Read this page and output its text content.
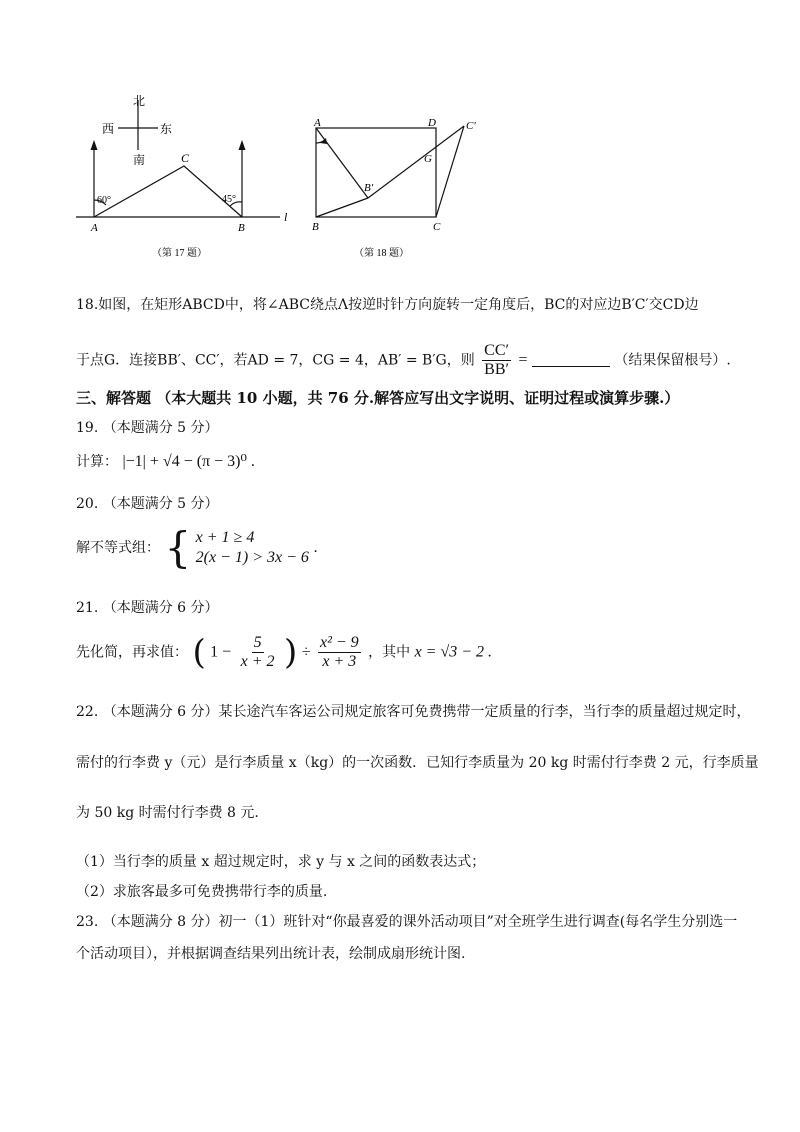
北
西	东
南	C
A	B
l
60°	45°
（第 17 题）
A	D	C′
G
B′
B	C
（第 18 题）
18.如图，在矩形ABCD中，将∠ABC绕点Λ按逆时针方向旋转一定角度后，BC的对应边B′C′交CD边
于点G．连接BB′、CC′，若AD = 7，CG = 4，AB′ = B′G，则 $\frac{CC'}{BB'}$ =	（结果保留根号）.
三、解答题 （本大题共 10 小题，共 76 分.解答应写出文字说明、证明过程或演算步骤.）
19. （本题满分 5 分）
计算： |−1| + √4 − (π − 3)⁰ .
20. （本题满分 5 分）
解不等式组： { x + 1 ≥ 4
2(x − 1) > 3x − 6
.
21. （本题满分 6 分）
先化简，再求值： ( $1 - \frac{5}{x + 2}$ ) ÷ $\frac{\text{x² − 9}}{x + 3}$ ，其中 x = √3 − 2 .
22. （本题满分 6 分）某长途汽车客运公司规定旅客可免费携带一定质量的行李，当行李的质量超过规定时，
需付的行李费 y（元）是行李质量 x（kg）的一次函数．已知行李质量为 20 kg 时需付行李费 2 元，行李质量
为 50 kg 时需付行李费 8 元.
（1）当行李的质量 x 超过规定时，求 y 与 x 之间的函数表达式；
（2）求旅客最多可免费携带行李的质量.
23. （本题满分 8 分）初一（1）班针对“你最喜爱的课外活动项目”对全班学生进行调查(每名学生分别选一
个活动项目），并根据调查结果列出统计表，绘制成扇形统计图.
